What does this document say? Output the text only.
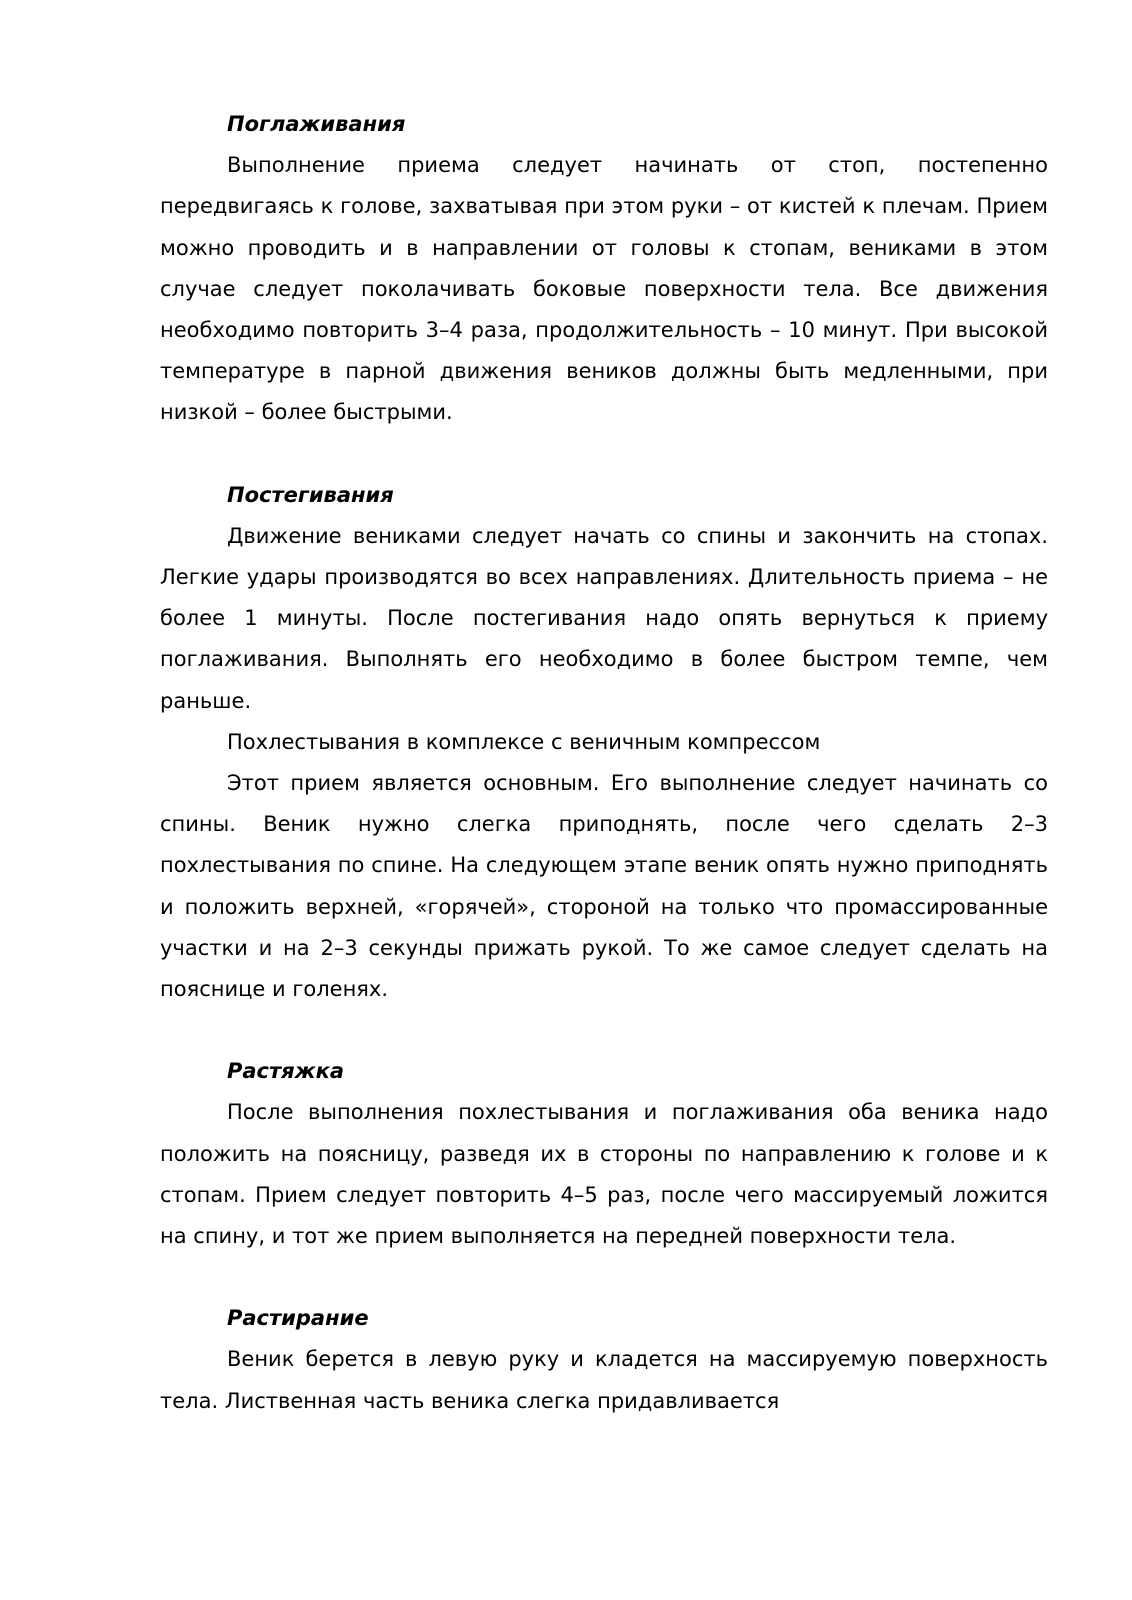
Поглаживания

Выполнение приема следует начинать от стоп, постепенно передвигаясь к голове, захватывая при этом руки – от кистей к плечам. Прием можно проводить и в направлении от головы к стопам, вениками в этом случае следует поколачивать боковые поверхности тела. Все движения необходимо повторить 3–4 раза, продолжительность – 10 минут. При высокой температуре в парной движения веников должны быть медленными, при низкой – более быстрыми.

Постегивания

Движение вениками следует начать со спины и закончить на стопах. Легкие удары производятся во всех направлениях. Длительность приема – не более 1 минуты. После постегивания надо опять вернуться к приему поглаживания. Выполнять его необходимо в более быстром темпе, чем раньше.

Похлестывания в комплексе с веничным компрессом

Этот прием является основным. Его выполнение следует начинать со спины. Веник нужно слегка приподнять, после чего сделать 2–3 похлестывания по спине. На следующем этапе веник опять нужно приподнять и положить верхней, «горячей», стороной на только что промассированные участки и на 2–3 секунды прижать рукой. То же самое следует сделать на пояснице и голенях.

Растяжка

После выполнения похлестывания и поглаживания оба веника надо положить на поясницу, разведя их в стороны по направлению к голове и к стопам. Прием следует повторить 4–5 раз, после чего массируемый ложится на спину, и тот же прием выполняется на передней поверхности тела.

Растирание

Веник берется в левую руку и кладется на массируемую поверхность тела. Лиственная часть веника слегка придавливается
